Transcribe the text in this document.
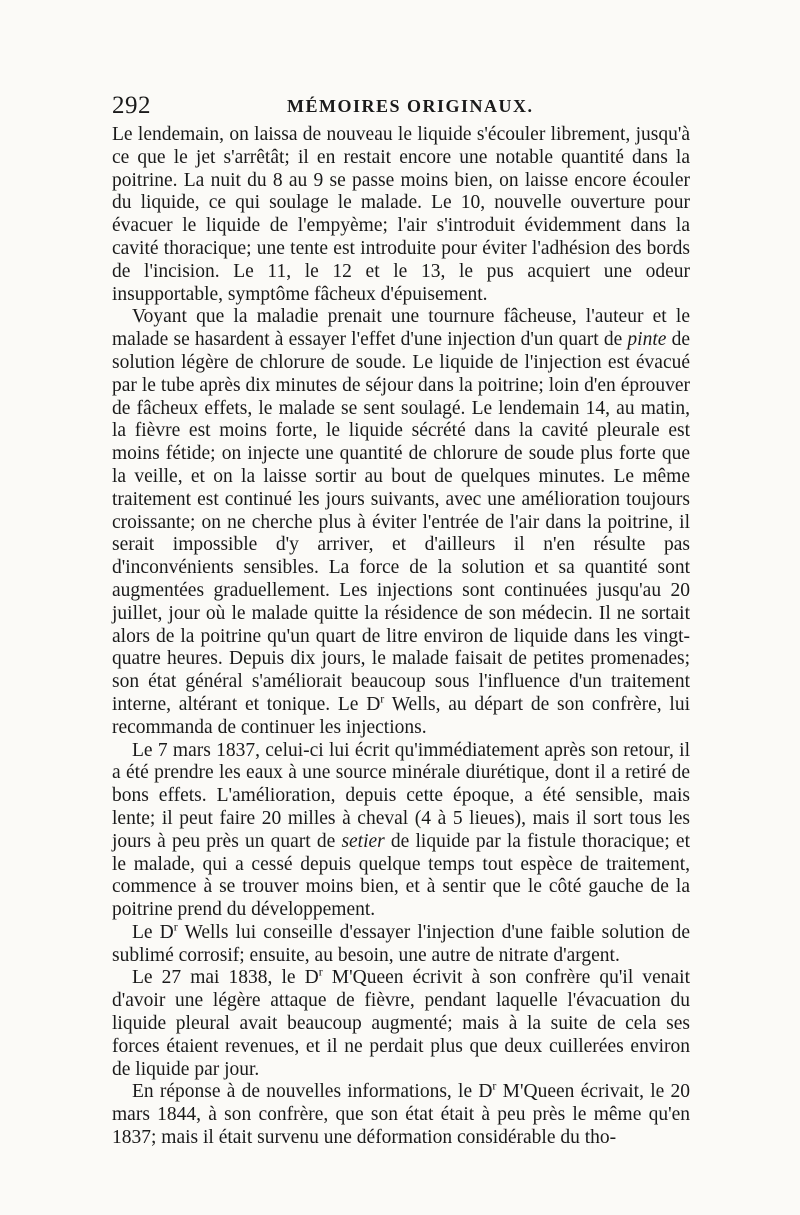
292	MÉMOIRES ORIGINAUX.

Le lendemain, on laissa de nouveau le liquide s'écouler librement, jusqu'à ce que le jet s'arrêtât; il en restait encore une notable quantité dans la poitrine. La nuit du 8 au 9 se passe moins bien, on laisse encore écouler du liquide, ce qui soulage le malade. Le 10, nouvelle ouverture pour évacuer le liquide de l'empyème; l'air s'introduit évidemment dans la cavité thoracique; une tente est introduite pour éviter l'adhésion des bords de l'incision. Le 11, le 12 et le 13, le pus acquiert une odeur insupportable, symptôme fâcheux d'épuisement.

Voyant que la maladie prenait une tournure fâcheuse, l'auteur et le malade se hasardent à essayer l'effet d'une injection d'un quart de pinte de solution légère de chlorure de soude. Le liquide de l'injection est évacué par le tube après dix minutes de séjour dans la poitrine; loin d'en éprouver de fâcheux effets, le malade se sent soulagé. Le lendemain 14, au matin, la fièvre est moins forte, le liquide sécrété dans la cavité pleurale est moins fétide; on injecte une quantité de chlorure de soude plus forte que la veille, et on la laisse sortir au bout de quelques minutes. Le même traitement est continué les jours suivants, avec une amélioration toujours croissante; on ne cherche plus à éviter l'entrée de l'air dans la poitrine, il serait impossible d'y arriver, et d'ailleurs il n'en résulte pas d'inconvénients sensibles. La force de la solution et sa quantité sont augmentées graduellement. Les injections sont continuées jusqu'au 20 juillet, jour où le malade quitte la résidence de son médecin. Il ne sortait alors de la poitrine qu'un quart de litre environ de liquide dans les vingt-quatre heures. Depuis dix jours, le malade faisait de petites promenades; son état général s'améliorait beaucoup sous l'influence d'un traitement interne, altérant et tonique. Le $D^r$ Wells, au départ de son confrère, lui recommanda de continuer les injections.

Le 7 mars 1837, celui-ci lui écrit qu'immédiatement après son retour, il a été prendre les eaux à une source minérale diurétique, dont il a retiré de bons effets. L'amélioration, depuis cette époque, a été sensible, mais lente; il peut faire 20 milles à cheval (4 à 5 lieues), mais il sort tous les jours à peu près un quart de setier de liquide par la fistule thoracique; et le malade, qui a cessé depuis quelque temps tout espèce de traitement, commence à se trouver moins bien, et à sentir que le côté gauche de la poitrine prend du développement.

Le $D^r$ Wells lui conseille d'essayer l'injection d'une faible solution de sublimé corrosif; ensuite, au besoin, une autre de nitrate d'argent.

Le 27 mai 1838, le $D^r$ M'Queen écrivit à son confrère qu'il venait d'avoir une légère attaque de fièvre, pendant laquelle l'évacuation du liquide pleural avait beaucoup augmenté; mais à la suite de cela ses forces étaient revenues, et il ne perdait plus que deux cuillerées environ de liquide par jour.

En réponse à de nouvelles informations, le $D^r$ M'Queen écrivait, le 20 mars 1844, à son confrère, que son état était à peu près le même qu'en 1837; mais il était survenu une déformation considérable du tho-
